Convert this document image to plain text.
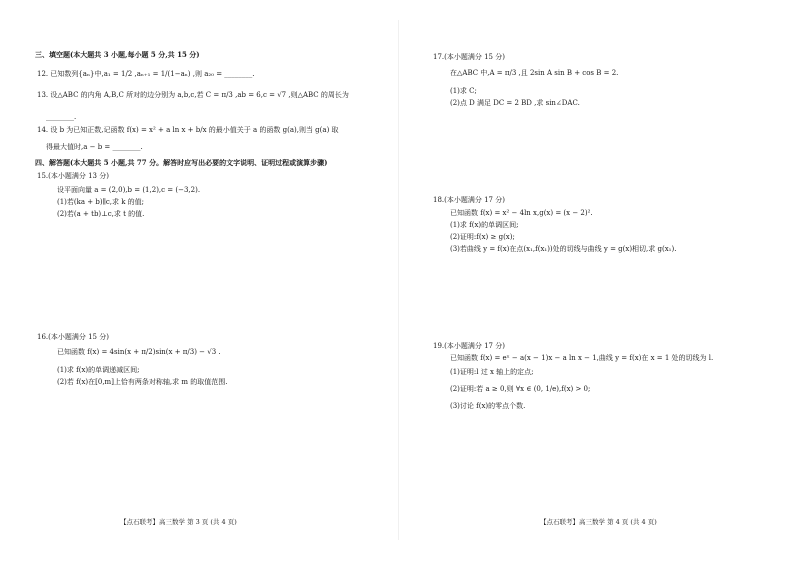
三、填空题(本大题共 3 小题,每小题 5 分,共 15 分)
12. 已知数列{aₙ}中,a₁ = 1/2 ,aₙ₊₁ = 1/(1−aₙ) ,则 a₂₀ = ________.
13. 设△ABC 的内角 A,B,C 所对的边分别为 a,b,c,若 C = π/3 ,ab = 6,c = √7 ,则△ABC 的周长为
________.
14. 设 b 为已知正数,记函数 f(x) = x² + a ln x + b/x 的最小值关于 a 的函数 g(a),则当 g(a) 取
得最大值时,a − b = ________.
四、解答题(本大题共 5 小题,共 77 分。解答时应写出必要的文字说明、证明过程或演算步骤)
15.(本小题满分 13 分)
设平面向量 a = (2,0),b = (1,2),c = (−3,2).
(1)若(ka + b)∥c,求 k 的值;
(2)若(a + tb)⊥c,求 t 的值.
16.(本小题满分 15 分)
已知函数 f(x) = 4sin(x + π/2)sin(x + π/3) − √3 .
(1)求 f(x)的单调递减区间;
(2)若 f(x)在[0,m]上恰有两条对称轴,求 m 的取值范围.
【点石联考】高三数学 第 3 页 (共 4 页)
17.(本小题满分 15 分)
在△ABC 中,A = π/3 ,且 2sin A sin B + cos B = 2.
(1)求 C;
(2)点 D 满足 DC = 2 BD ,求 sin∠DAC.
18.(本小题满分 17 分)
已知函数 f(x) = x² − 4ln x,g(x) = (x − 2)².
(1)求 f(x)的单调区间;
(2)证明:f(x) ≥ g(x);
(3)若曲线 y = f(x)在点(x₁,f(x₁))处的切线与曲线 y = g(x)相切,求 g(x₁).
19.(本小题满分 17 分)
已知函数 f(x) = eˣ − a(x − 1)x − a ln x − 1,曲线 y = f(x)在 x = 1 处的切线为 l.
(1)证明:l 过 x 轴上的定点;
(2)证明:若 a ≥ 0,则 ∀x ∈ (0, 1/e),f(x) > 0;
(3)讨论 f(x)的零点个数.
【点石联考】高三数学 第 4 页 (共 4 页)
